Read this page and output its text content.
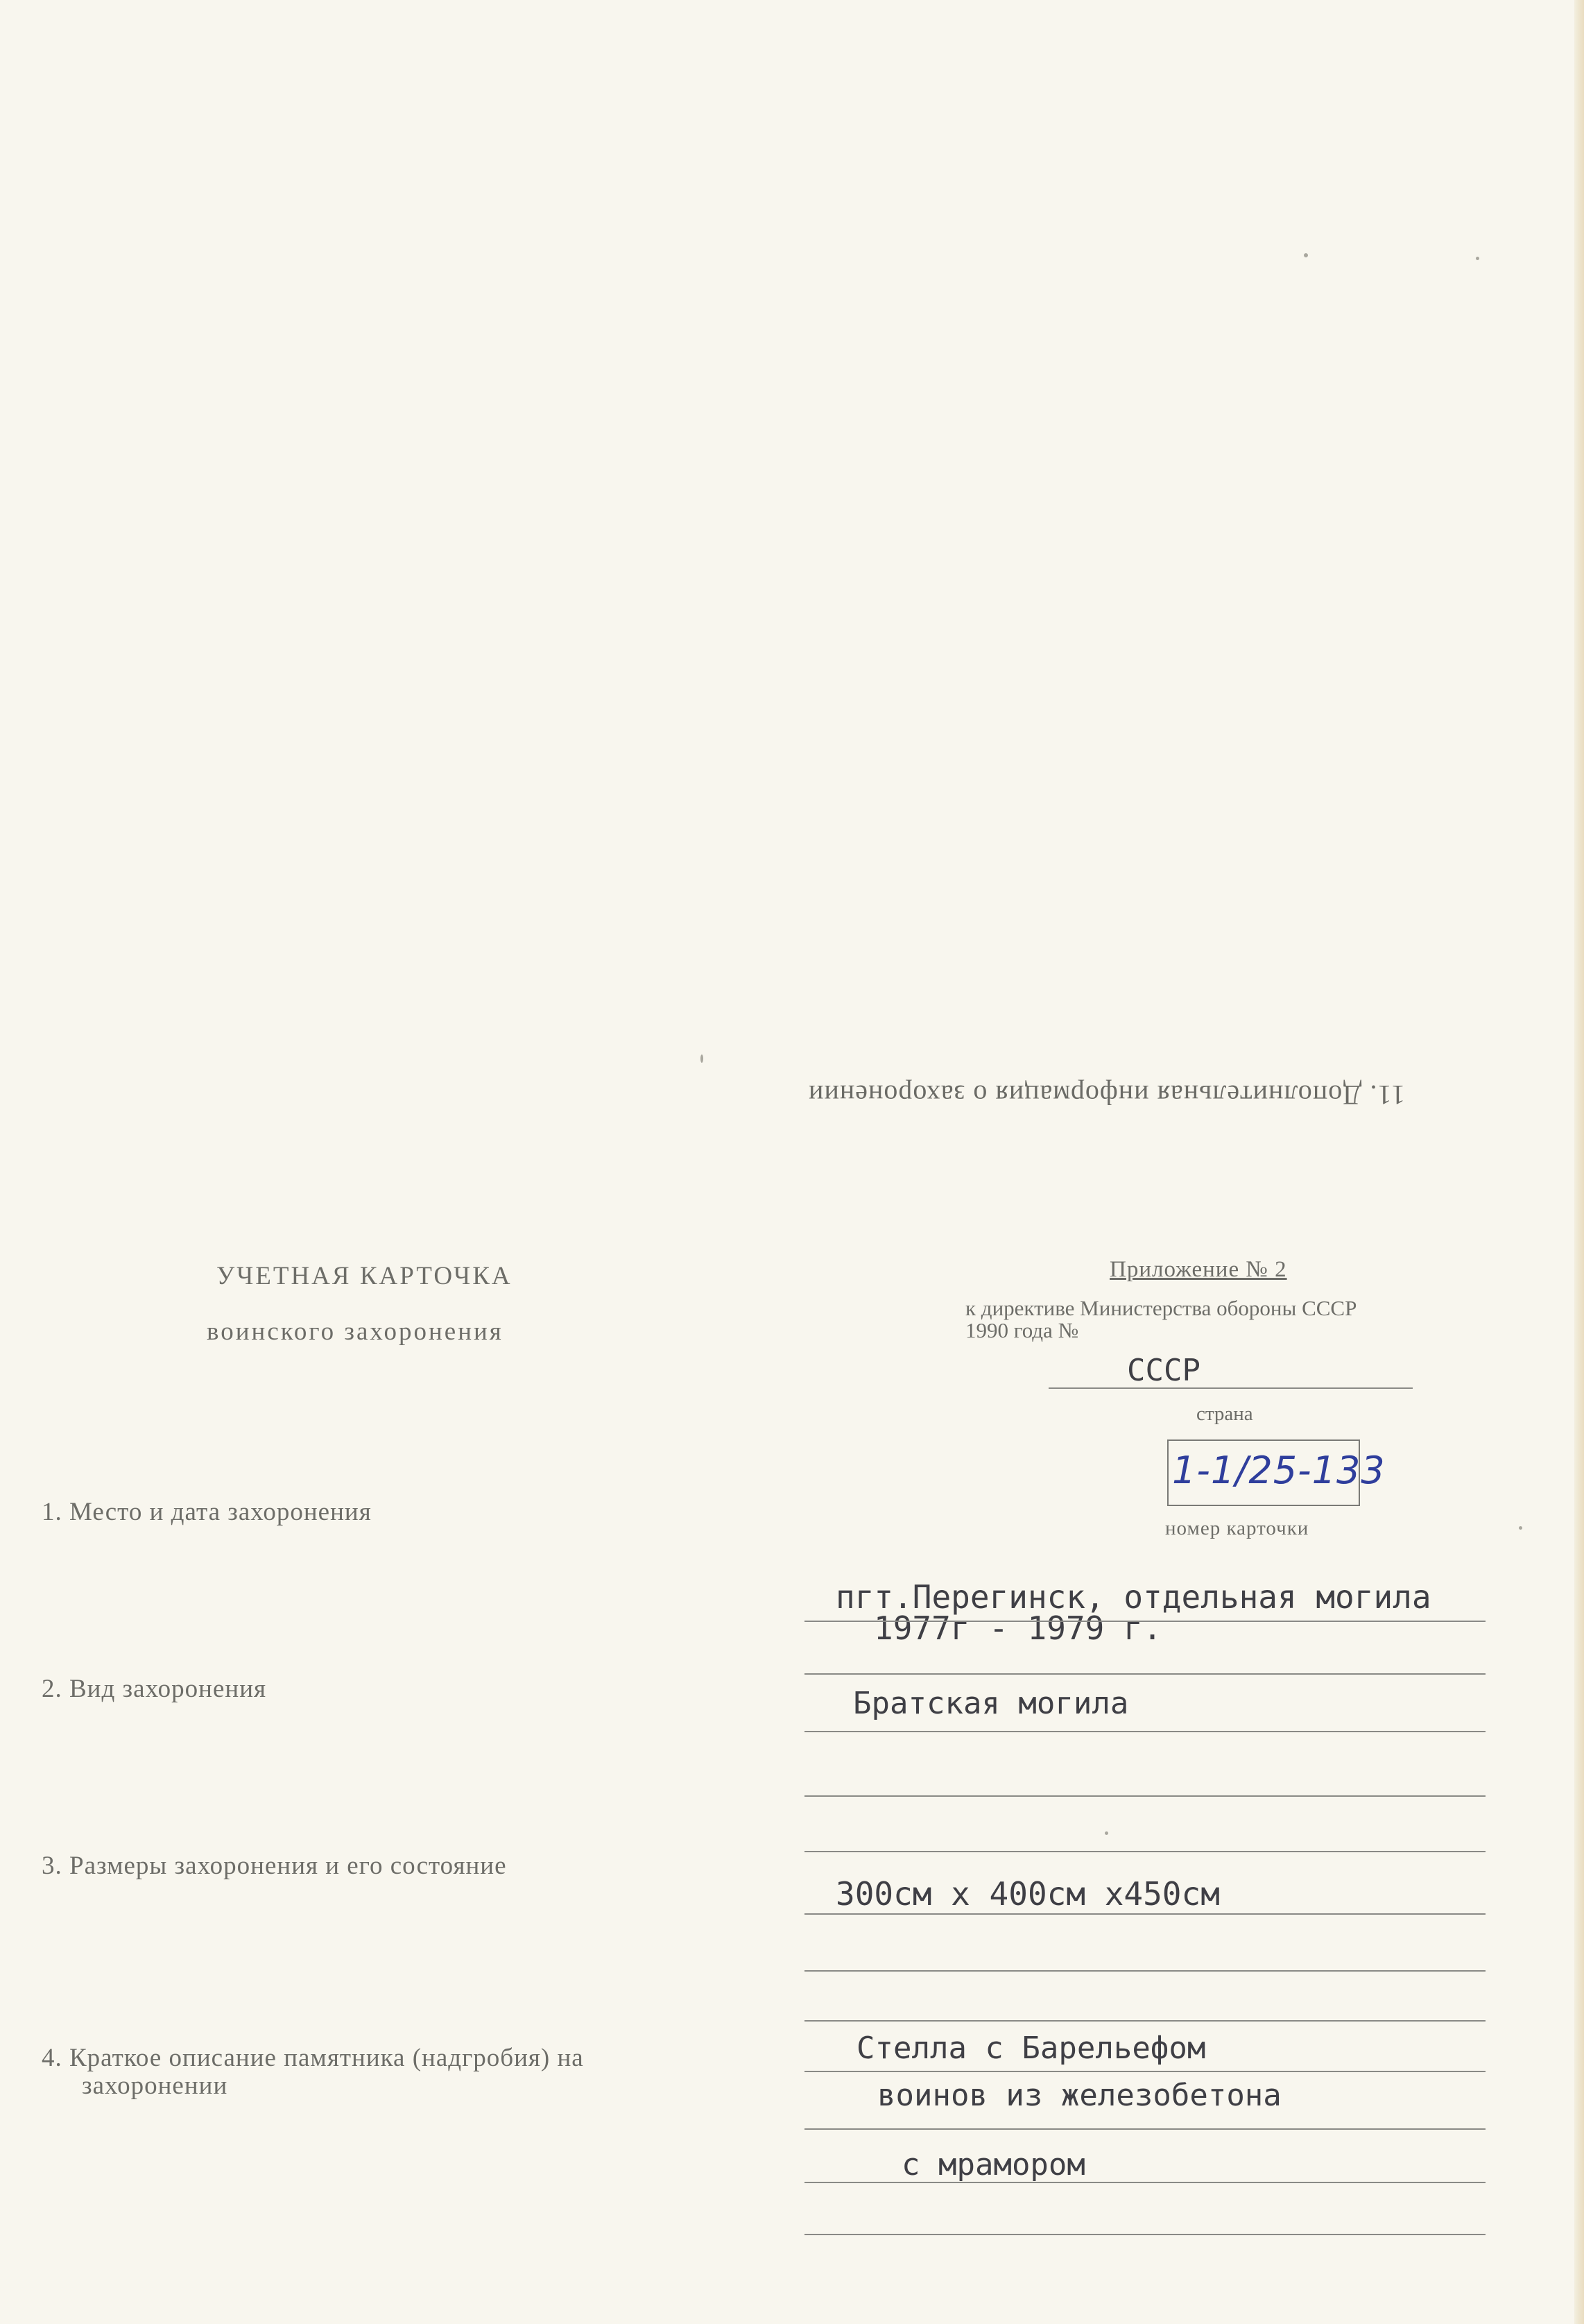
11. Дополнительная информация о захоронении
УЧЕТНАЯ КАРТОЧКА
воинского захоронения
Приложение № 2
к директиве Министерства обороны СССР
1990 года №
СССР
страна
1-1/25-133
номер карточки
1. Место и дата захоронения
пгт.Перегинск, отдельная могила
1977г - 1979 г.
2. Вид захоронения	Братская могила
3. Размеры захоронения и его состояние
300см х 400см х450см
4. Краткое описание памятника (надгробия) на
захоронении
Стелла с Барельефом
воинов из железобетона
с мрамором
